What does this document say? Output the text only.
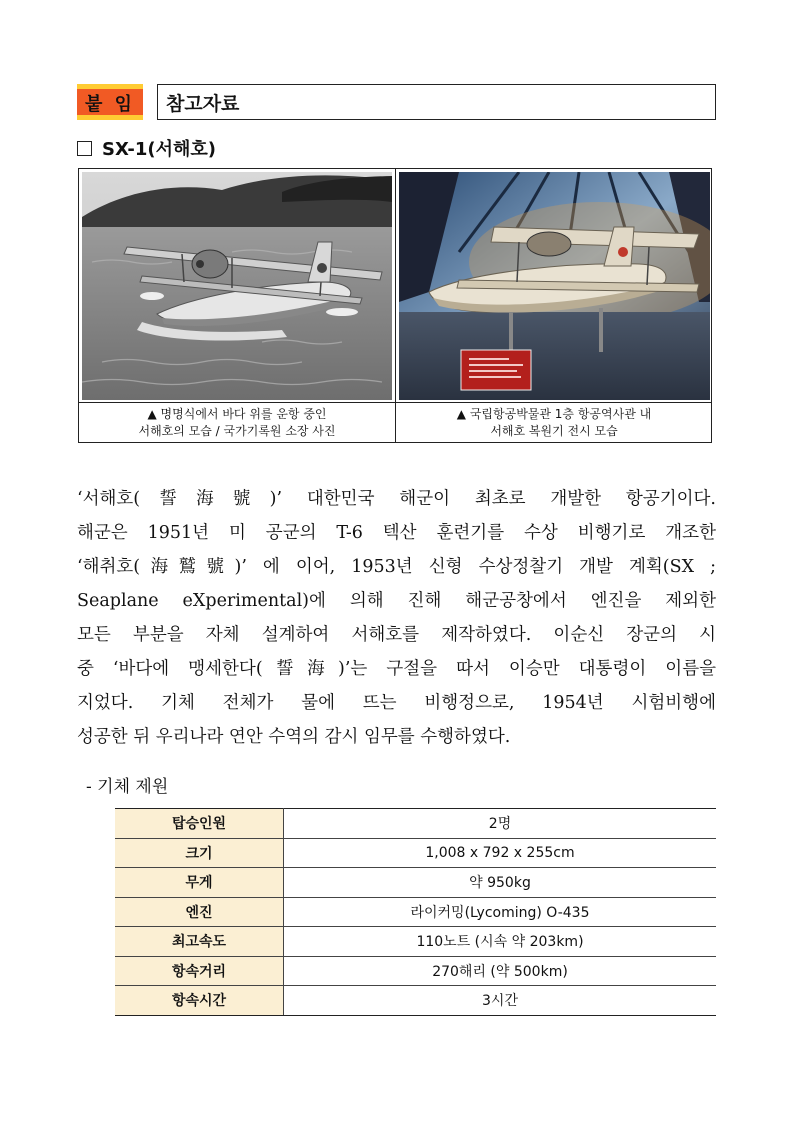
붙 임 참고자료
SX-1(서해호)
▲ 명명식에서 바다 위를 운항 중인
서해호의 모습 / 국가기록원 소장 사진
▲ 국립항공박물관 1층 항공역사관 내
서해호 복원기 전시 모습
‘서해호(誓海號)’ 대한민국 해군이 최초로 개발한 항공기이다.
해군은 1951년 미 공군의 T-6 텍산 훈련기를 수상 비행기로 개조한
‘해취호(海鷲號)’ 에 이어, 1953년 신형 수상정찰기 개발 계획(SX ;
Seaplane eXperimental)에 의해 진해 해군공창에서 엔진을 제외한
모든 부분을 자체 설계하여 서해호를 제작하였다. 이순신 장군의 시
중 ‘바다에 맹세한다(誓海)’는 구절을 따서 이승만 대통령이 이름을
지었다. 기체 전체가 물에 뜨는 비행정으로, 1954년 시험비행에
성공한 뒤 우리나라 연안 수역의 감시 임무를 수행하였다.
- 기체 제원
탑승인원	2명
크기	1,008 x 792 x 255cm
무게	약 950kg
엔진	라이커밍(Lycoming) O-435
최고속도	110노트 (시속 약 203km)
항속거리	270해리 (약 500km)
항속시간	3시간
